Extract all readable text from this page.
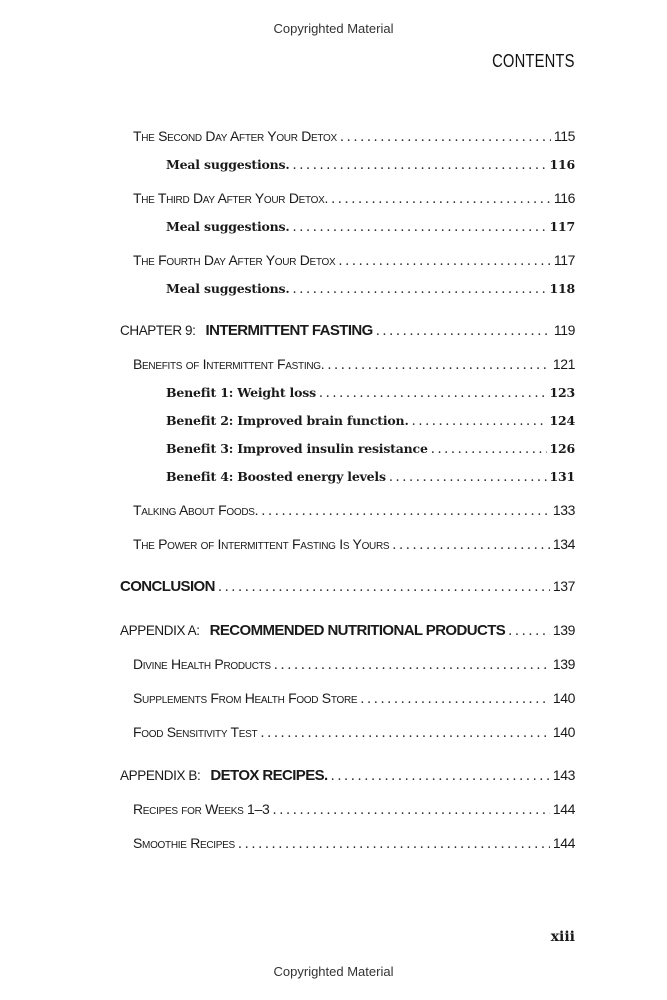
Copyrighted Material
CONTENTS
The Second Day After Your Detox .....	115
Meal suggestions. .....	116
The Third Day After Your Detox. .....	116
Meal suggestions. .....	117
The Fourth Day After Your Detox .....	117
Meal suggestions. .....	118
CHAPTER 9: INTERMITTENT FASTING .....	119
Benefits of Intermittent Fasting. .....	121
Benefit 1: Weight loss .....	123
Benefit 2: Improved brain function. .....	124
Benefit 3: Improved insulin resistance .....	126
Benefit 4: Boosted energy levels .....	131
Talking About Foods. .....	133
The Power of Intermittent Fasting Is Yours .....	134
CONCLUSION .....	137
APPENDIX A: RECOMMENDED NUTRITIONAL PRODUCTS .....	139
Divine Health Products .....	139
Supplements From Health Food Store .....	140
Food Sensitivity Test .....	140
APPENDIX B: DETOX RECIPES. .....	143
Recipes for Weeks 1–3 .....	144
Smoothie Recipes .....	144
xiii
Copyrighted Material
